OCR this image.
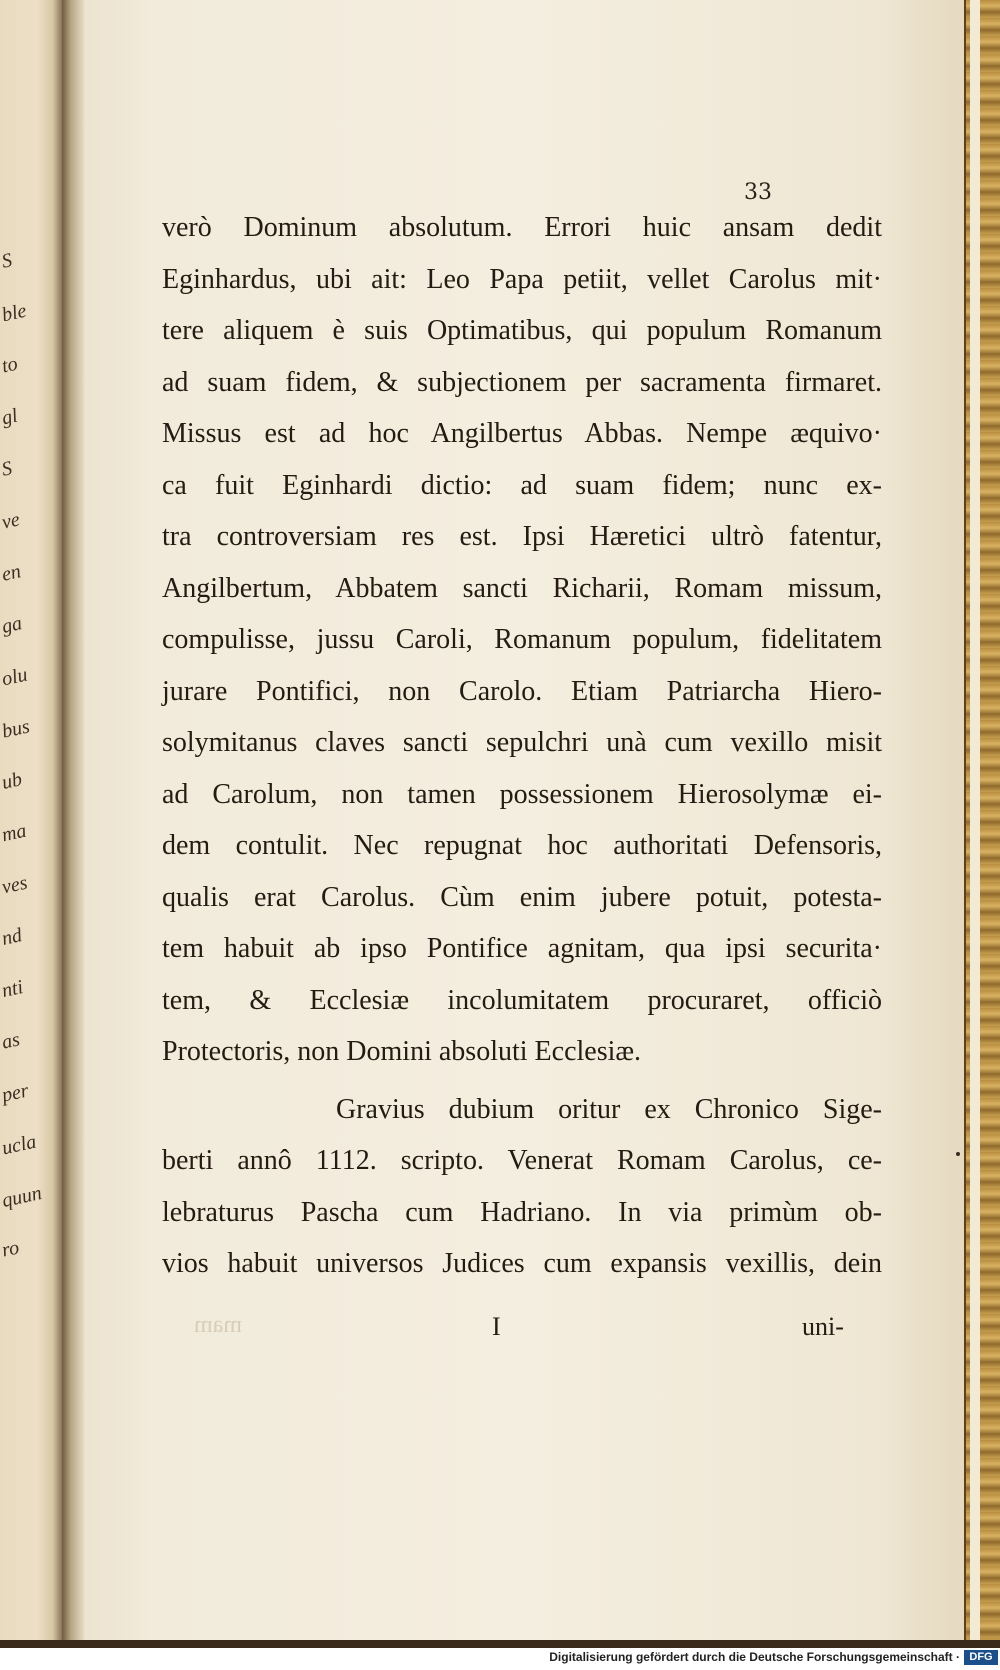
S
ble
to
gl
S
ve
en
ga
olu
bus
ub
ma
ves
nd
nti
as
per
ucla
quun
ro
33
verò Dominum absolutum. Errori huic ansam dedit
Eginhardus, ubi ait: Leo Papa petiit, vellet Carolus mit·
tere aliquem è suis Optimatibus, qui populum Romanum
ad suam fidem, & subjectionem per sacramenta firmaret.
Missus est ad hoc Angilbertus Abbas. Nempe æquivo·
ca fuit Eginhardi dictio: ad suam fidem; nunc ex-
tra controversiam res est. Ipsi Hæretici ultrò fatentur,
Angilbertum, Abbatem sancti Richarii, Romam missum,
compulisse, jussu Caroli, Romanum populum, fidelitatem
jurare Pontifici, non Carolo. Etiam Patriarcha Hiero-
solymitanus claves sancti sepulchri unà cum vexillo misit
ad Carolum, non tamen possessionem Hierosolymæ ei-
dem contulit. Nec repugnat hoc authoritati Defensoris,
qualis erat Carolus. Cùm enim jubere potuit, potesta-
tem habuit ab ipso Pontifice agnitam, qua ipsi securita·
tem, & Ecclesiæ incolumitatem procuraret, officiò
Protectoris, non Domini absoluti Ecclesiæ.
Gravius dubium oritur ex Chronico Sige-
berti annô 1112. scripto. Venerat Romam Carolus, ce-
lebraturus Pascha cum Hadriano. In via primùm ob-
vios habuit universos Judices cum expansis vexillis, dein
mam	I	uni-
Digitalisierung gefördert durch die Deutsche Forschungsgemeinschaft · DFG
